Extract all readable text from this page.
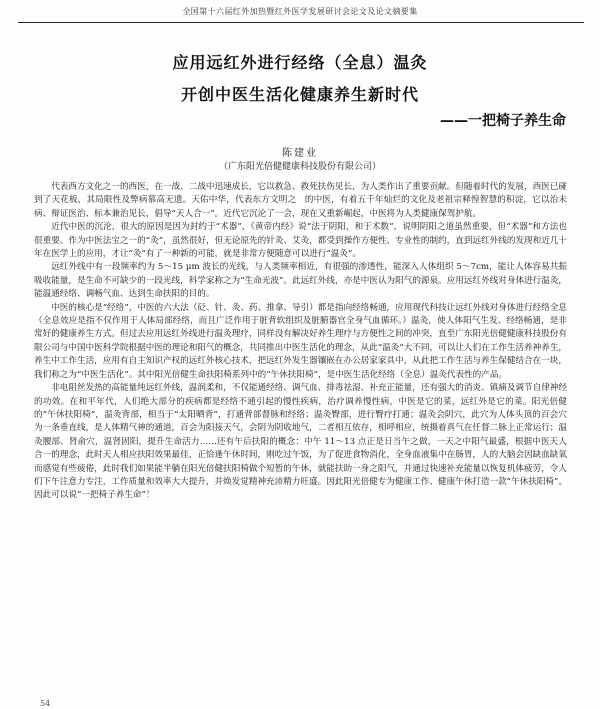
全国第十六届红外加热暨红外医学发展研讨会论文及论文摘要集
应用远红外进行经络（全息）温灸
开创中医生活化健康养生新时代
——一把椅子养生命
陈建业
（广东阳光倍健健康科技股份有限公司）

代表西方文化之一的西医，在一战、二战中迅速成长，它以救急、救死扶伤见长，为人类作出了重要贡献。但随着时代的发展，西医已碰到了天花板，其局限性及弊病慕高无遗。天佑中华，代表东方文明之　的中医，有着五千年灿烂的文化及老祖宗释惶智慧的积淀，它以治未病、辩证医治、标本兼治见长，倡导“天人合一”。近代它沉沦了一会，现在又重新崛起，中医将为人类健康保驾护航。

近代中医的沉沦，很大的原因是因为封约于“术器”，《黄帝内经》说“法于阴阳，和于术数”，说明阴阳之道虽然重要，但“术器”和方法也很重要。作为中医法宝之一的“灸”，虽然很好，但无论原先的针灸、艾灸，都受到操作方便性、专业性的制约，直到远红外线的发现和近几十年在医学上的应用，才让“灸”有了一种新的可能，就是非常方便随意可以进行“温灸”。

远红外线中有一段频率约为 5～15 μm 波长的光线，与人类频率相近，有很强的渗透性，能深入人体组织 5～7cm，能让人体容易共振吸收能量，是生命不可缺少的一段光线，科学家称之为“生命光波”。此远红外线，亦是中医认为阳气的源泉。应用远红外线对身体进行温灸，能温通经络、调畅气血、达到生命扶阳的目的。

中医的核心是“经络”，中医的六大法（砭、针、灸、药、推拿、导引）都是指向经络畅通，应用现代科技让远红外线对身体进行经络全息（全息效应是指不仅作用于人体局部经络，而且广泛作用于脏背软组织及脏腑器官全身气血循环。）温灸，使人体阳气生发、经络畅通，是非常好的健康养生方式。但过去应用远红外线进行温灸理疗，同样没有解决好养生理疗与方便性之间的冲突，直至广东阳光倍健健康科技股份有限公司与中国中医科学院根据中医的理论和阳气的概念，共同推出中医生活化的理念，从此“温灸”大不同，可以让人们在工作生活养神养生，养生中工作生活，应用有自主知识产权的远红外核心技术，把远红外发生器镶嵌在办公居家家具中，从此把工作生活与养生保健结合在一块，我们称之为“中医生活化”。其中阳光倍健生命扶阳椅系列中的“午休扶阳椅”，是中医生活化经络（全息）温灸代表性的产品。

非电阻丝发热的高能量纯远红外线，温润柔和，不仅能通经络、调气血、排毒祛湿、补充正能量，还有强大的消炎、镇痛及调节自律神经的功效。在和平年代，人们绝大部分的疾病都是经络不通引起的慢性疾病，治疗调养慢性病，中医是它的菜，远红外是它的菜。阳光倍健的“午休扶阳椅”，温灸背部，相当于“太阳晒背”，打通背部督脉和经络；温灸臀部，进行臀疗打通；温灸会阴穴，此穴为人体头顶的百会穴为一条垂直线，是人体精气神的通道，百会为阳接天气，会阴为阴收地气，二者相互依存，相呼相应，统摄着真气在任督二脉上正常运行；温灸腰部、肾俞穴，温肾固阳，提升生命活力……还有午后扶阳的概念：中午 11～13 点正是日当午之做，一天之中阳气最盛，根据中医天人合一的理念，此时天人相应扶阳效果最佳，正恰逢午休时间，刚吃过午饭，为了促进食物消化，全身血液集中在肠胃，人的大脑会因缺血缺氧而感觉有些疲倦，此时我们如果能半躺在阳光倍健扶阳椅做个短暂的午休，就能扶助一身之阳气，并通过快速补充能量以恢复机体疲劳，令人们下午注意力专注，工作质量和效率大大提升，并焕发觉精神充沛精力旺盛。因此阳光倍健专为健康工作、健康午休打造一款“午休扶阳椅”。因此可以说“一把椅子养生命”！

54
